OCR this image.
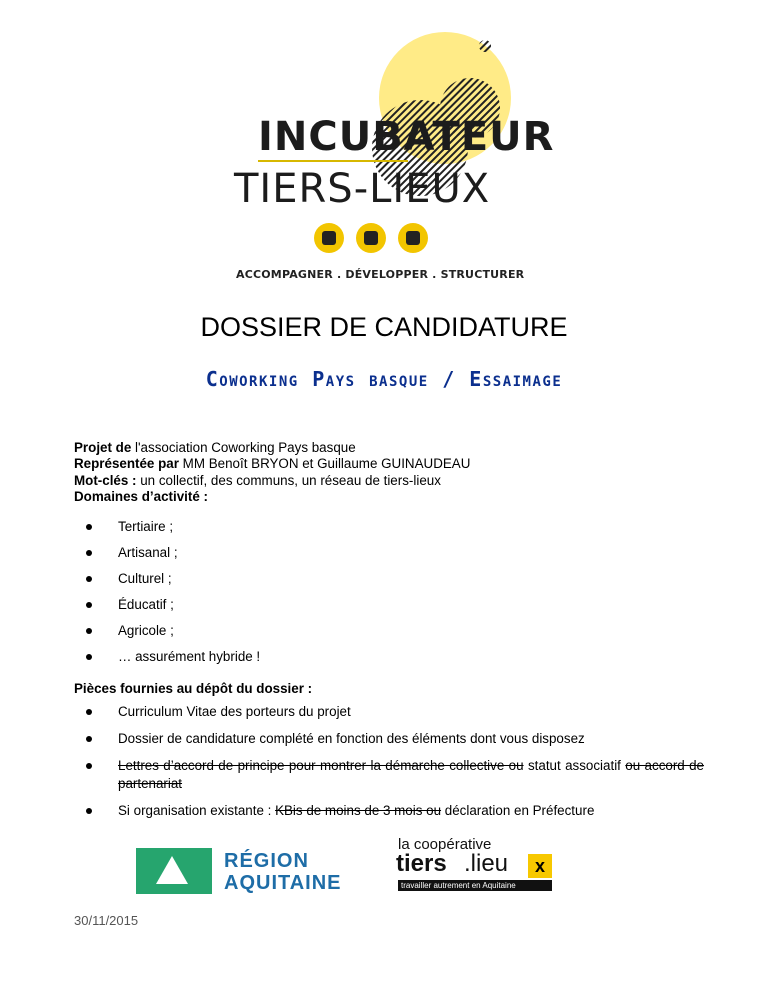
INCUBATEUR
TIERS-LIEUX
ACCOMPAGNER . DÉVELOPPER . STRUCTURER
DOSSIER DE CANDIDATURE
Coworking Pays basque / Essaimage
Projet de l'association Coworking Pays basque
Représentée par MM Benoît BRYON et Guillaume GUINAUDEAU
Mot-clés : un collectif, des communs, un réseau de tiers-lieux
Domaines d’activité :
Tertiaire ;
Artisanal ;
Culturel ;
Éducatif ;
Agricole ;
… assurément hybride !
Pièces fournies au dépôt du dossier :
Curriculum Vitae des porteurs du projet
Dossier de candidature complété en fonction des éléments dont vous disposez
Lettres d’accord de principe pour montrer la démarche collective ou statut associatif ou accord de partenariat
Si organisation existante : KBis de moins de 3 mois ou déclaration en Préfecture
RÉGION
AQUITAINE
la coopérative
tiers .lieu	x
travailler autrement en Aquitaine
30/11/2015
